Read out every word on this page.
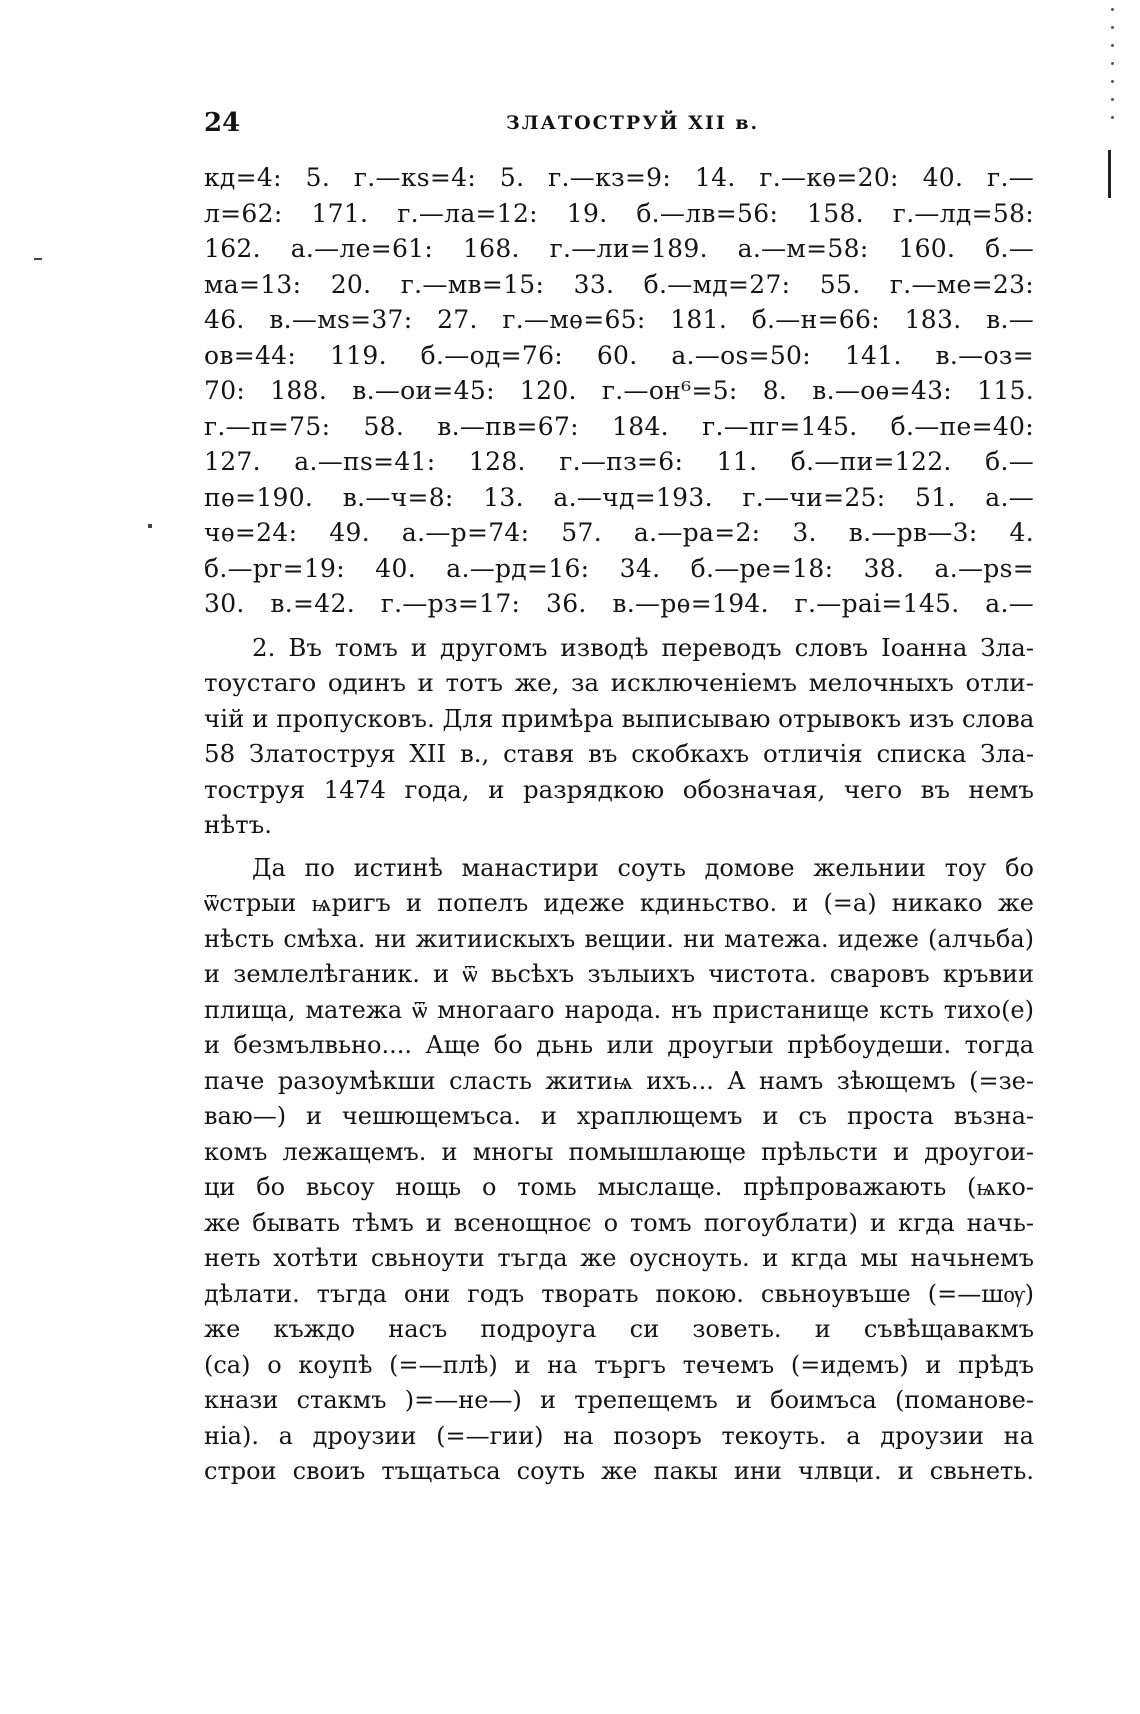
24	ЗЛАТОСТРУЙ XII в.
кд=4: 5. г.—кs=4: 5. г.—кз=9: 14. г.—кѳ=20: 40. г.—
л=62: 171. г.—ла=12: 19. б.—лв=56: 158. г.—лд=58:
162. а.—ле=61: 168. г.—ли=189. а.—м=58: 160. б.—
ма=13: 20. г.—мв=15: 33. б.—мд=27: 55. г.—ме=23:
46. в.—мs=37: 27. г.—мѳ=65: 181. б.—н=66: 183. в.—
ов=44: 119. б.—од=76: 60. а.—оs=50: 141. в.—оз=
70: 188. в.—ои=45: 120. г.—он⁶=5: 8. в.—оѳ=43: 115.
г.—п=75: 58. в.—пв=67: 184. г.—пг=145. б.—пе=40:
127. а.—пs=41: 128. г.—пз=6: 11. б.—пи=122. б.—
пѳ=190. в.—ч=8: 13. а.—чд=193. г.—чи=25: 51. а.—
чѳ=24: 49. а.—р=74: 57. а.—ра=2: 3. в.—рв—3: 4.
б.—рг=19: 40. а.—рд=16: 34. б.—ре=18: 38. а.—рs=
30. в.=42. г.—рз=17: 36. в.—рѳ=194. г.—раі=145. а.—
2. Въ томъ и другомъ изводѣ переводъ словъ Іоанна Зла-
тоустаго одинъ и тотъ же, за исключеніемъ мелочныхъ отли-
чій и пропусковъ. Для примѣра выписываю отрывокъ изъ слова
58 Златоструя XII в., ставя въ скобкахъ отличія списка Зла-
тоструя 1474 года, и разрядкою обозначая, чего въ немъ
нѣтъ.
Да по истинѣ манастири соуть домове жельнии тоу бо
ѿстрыи ѩригъ и попелъ идеже кдиньство. и (=а) никако же
нѣсть смѣха. ни житиискыхъ вещии. ни матежа. идеже (алчьба)
и землелѣганик. и ѿ вьсѣхъ зълыихъ чистота. сваровъ кръвии
плища, матежа ѿ многааго народа. нъ пристанище кcть тихо(е)
и безмълвьно.... Аще бо дьнь или дроугыи прѣбоудеши. тогда
паче разоумѣкши сласть житиѩ ихъ... А намъ зѣющемъ (=зе-
ваю—) и чешющемъса. и храплющемъ и съ проста възна-
комъ лежащемъ. и многы помышлающе прѣльсти и дроугои-
ци бо вьсоу нощь о томь мыслаще. прѣпроважають (ѩко-
же бывать тѣмъ и всенощноє о томъ погоублати) и кгда начь-
неть хотѣти свьноути тъгда же оусноуть. и кгда мы начьнемъ
дѣлати. тъгда они годъ творать покою. свьноувъше (=—шѹ)
же къждо насъ подроуга си зоветь. и съвѣщавакмъ
(са) о коупѣ (=—плѣ) и на търгъ течемъ (=идемъ) и прѣдъ
кнази стакмъ )=—не—) и трепещемъ и боимъса (поманове-
ніа). а дроузии (=—гии) на позоръ текоуть. а дроузии на
строи своиъ тъщатьса соуть же пакы ини члвци. и свьнеть.
